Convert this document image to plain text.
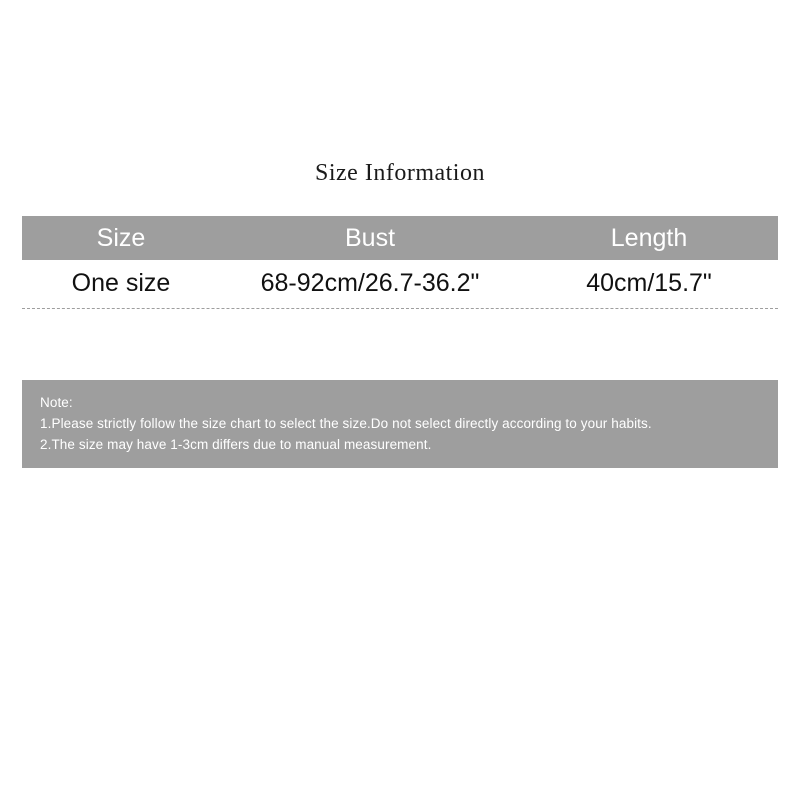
Size Information
Size	Bust	Length
One size	68-92cm/26.7-36.2"	40cm/15.7"
Note:
1.Please strictly follow the size chart to select the size.Do not select directly according to your habits.
2.The size may have 1-3cm differs due to manual measurement.
